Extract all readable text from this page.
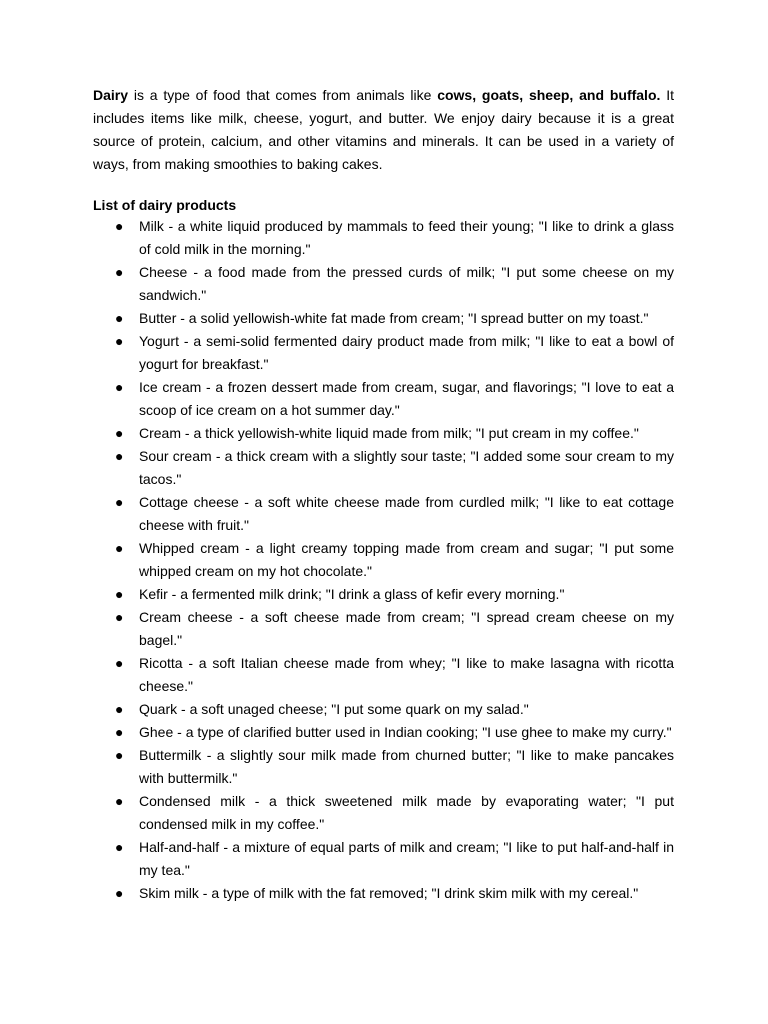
Dairy is a type of food that comes from animals like cows, goats, sheep, and buffalo. It includes items like milk, cheese, yogurt, and butter. We enjoy dairy because it is a great source of protein, calcium, and other vitamins and minerals. It can be used in a variety of ways, from making smoothies to baking cakes.

List of dairy products

● Milk - a white liquid produced by mammals to feed their young; "I like to drink a glass of cold milk in the morning."
● Cheese - a food made from the pressed curds of milk; "I put some cheese on my sandwich."
● Butter - a solid yellowish-white fat made from cream; "I spread butter on my toast."
● Yogurt - a semi-solid fermented dairy product made from milk; "I like to eat a bowl of yogurt for breakfast."
● Ice cream - a frozen dessert made from cream, sugar, and flavorings; "I love to eat a scoop of ice cream on a hot summer day."
● Cream - a thick yellowish-white liquid made from milk; "I put cream in my coffee."
● Sour cream - a thick cream with a slightly sour taste; "I added some sour cream to my tacos."
● Cottage cheese - a soft white cheese made from curdled milk; "I like to eat cottage cheese with fruit."
● Whipped cream - a light creamy topping made from cream and sugar; "I put some whipped cream on my hot chocolate."
● Kefir - a fermented milk drink; "I drink a glass of kefir every morning."
● Cream cheese - a soft cheese made from cream; "I spread cream cheese on my bagel."
● Ricotta - a soft Italian cheese made from whey; "I like to make lasagna with ricotta cheese."
● Quark - a soft unaged cheese; "I put some quark on my salad."
● Ghee - a type of clarified butter used in Indian cooking; "I use ghee to make my curry."
● Buttermilk - a slightly sour milk made from churned butter; "I like to make pancakes with buttermilk."
● Condensed milk - a thick sweetened milk made by evaporating water; "I put condensed milk in my coffee."
● Half-and-half - a mixture of equal parts of milk and cream; "I like to put half-and-half in my tea."
● Skim milk - a type of milk with the fat removed; "I drink skim milk with my cereal."
